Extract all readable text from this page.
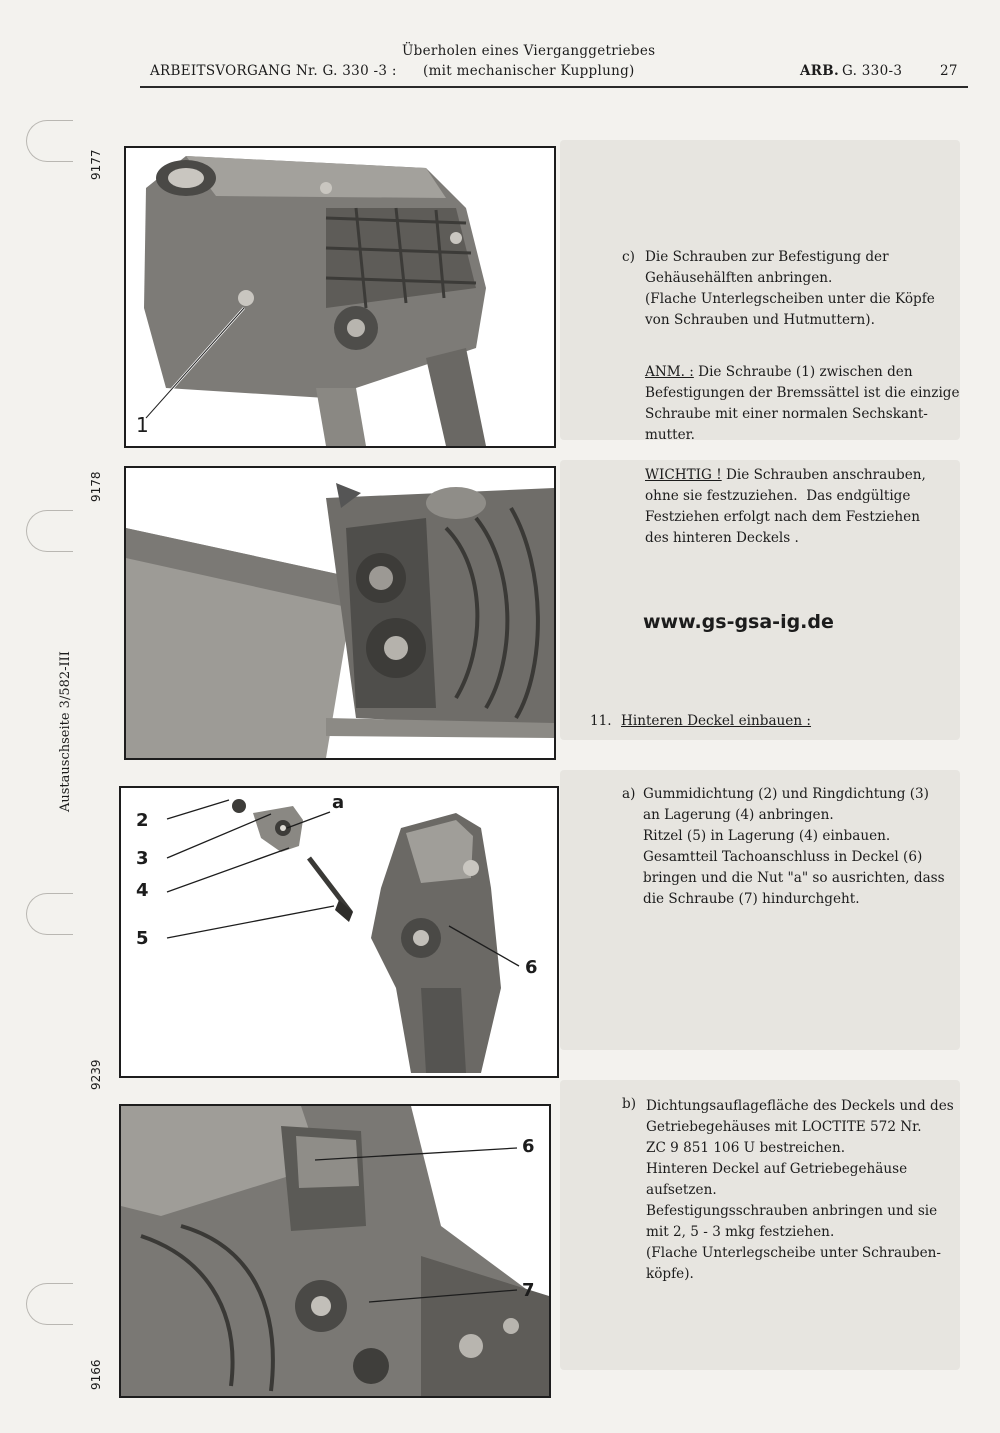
Überholen eines Vierganggetriebes
ARBEITSVORGANG Nr. G. 330 -3 : (mit mechanischer Kupplung)	ARB. G. 330-3	27
Austauschseite 3/582-III
9177
1
9178
9239
a
2
3
4
5
6
9166
6
7
c) Die Schrauben zur Befestigung der
Gehäusehälften anbringen.
(Flache Unterlegscheiben unter die Köpfe
von Schrauben und Hutmuttern).
ANM. : Die Schraube (1) zwischen den
Befestigungen der Bremssättel ist die einzige
Schraube mit einer normalen Sechskant-
mutter.
WICHTIG ! Die Schrauben anschrauben,
ohne sie festzuziehen.  Das endgültige
Festziehen erfolgt nach dem Festziehen
des hinteren Deckels .
www.gs-gsa-ig.de
11. Hinteren Deckel einbauen :
a) Gummidichtung (2) und Ringdichtung (3)
an Lagerung (4) anbringen.
Ritzel (5) in Lagerung (4) einbauen.
Gesamtteil Tachoanschluss in Deckel (6)
bringen und die Nut "a" so ausrichten, dass
die Schraube (7) hindurchgeht.
b) Dichtungsauflagefläche des Deckels und des
Getriebegehäuses mit LOCTITE 572 Nr.
ZC 9 851 106 U bestreichen.
Hinteren Deckel auf Getriebegehäuse
aufsetzen.
Befestigungsschrauben anbringen und sie
mit 2, 5 - 3 mkg festziehen.
(Flache Unterlegscheibe unter Schrauben-
köpfe).
